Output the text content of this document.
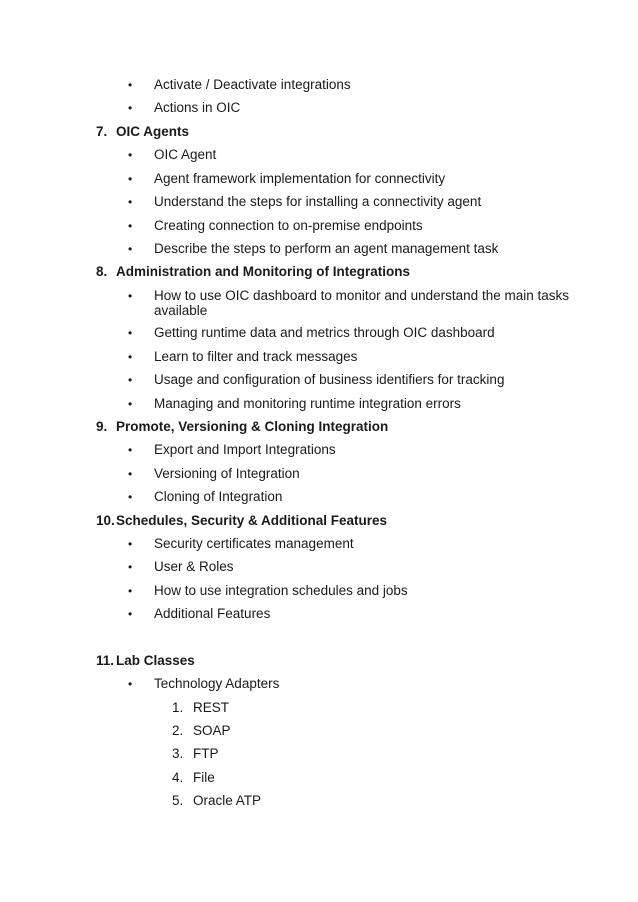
•	Activate / Deactivate integrations
•	Actions in OIC
7. OIC Agents
•	OIC Agent
•	Agent framework implementation for connectivity
•	Understand the steps for installing a connectivity agent
•	Creating connection to on-premise endpoints
•	Describe the steps to perform an agent management task
8. Administration and Monitoring of Integrations
•	How to use OIC dashboard to monitor and understand the main tasks
available
•	Getting runtime data and metrics through OIC dashboard
•	Learn to filter and track messages
•	Usage and configuration of business identifiers for tracking
•	Managing and monitoring runtime integration errors
9. Promote, Versioning & Cloning Integration
•	Export and Import Integrations
•	Versioning of Integration
•	Cloning of Integration
10. Schedules, Security & Additional Features
•	Security certificates management
•	User & Roles
•	How to use integration schedules and jobs
•	Additional Features
11. Lab Classes
•	Technology Adapters
1. REST
2. SOAP
3. FTP
4. File
5. Oracle ATP
